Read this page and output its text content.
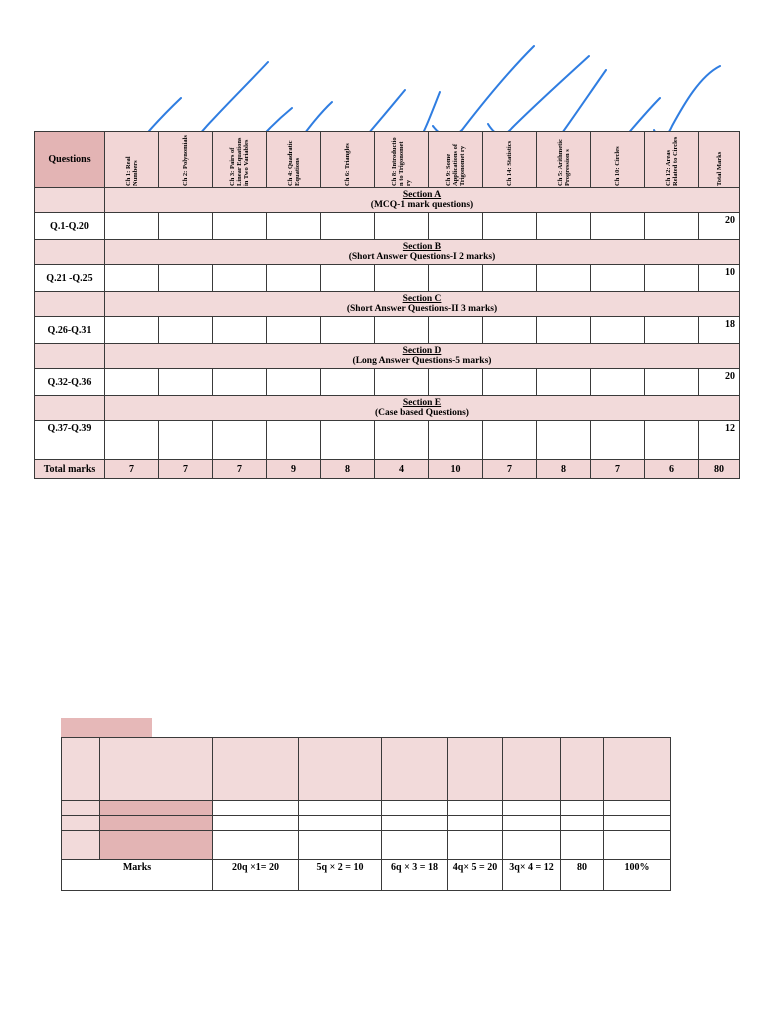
Questions	Ch 1: Real Numbers	Ch 2: Polynomials	Ch 3: Pairs of Linear Equations in Two Variables	Ch 4: Quadratic Equations	Ch 6: Triangles	Ch 8: Introductio n to Trigonomet ry	Ch 9: Some Applications of Trigonomet ry	Ch 14: Statistics	Ch 5: Arithmetic Progression s	Ch 10: Circles	Ch 12: Areas Related to Circles	Total Marks

	Section A
(MCQ-1 mark questions)											
Q.1-Q.20												20

	Section B
(Short Answer Questions-I 2 marks)											
Q.21 -Q.25												10

	Section C
(Short Answer Questions-II 3 marks)											
Q.26-Q.31												18

	Section D
(Long Answer Questions-5 marks)											
Q.32-Q.36												20

	Section E
(Case based Questions)											
Q.37-Q.39												12
Total marks	7	7	7	9	8	4	10	7	8	7	6	80

Marks		20q ×1= 20	5q × 2 = 10	6q × 3 = 18	4q× 5 = 20	3q× 4 = 12	80	100%
